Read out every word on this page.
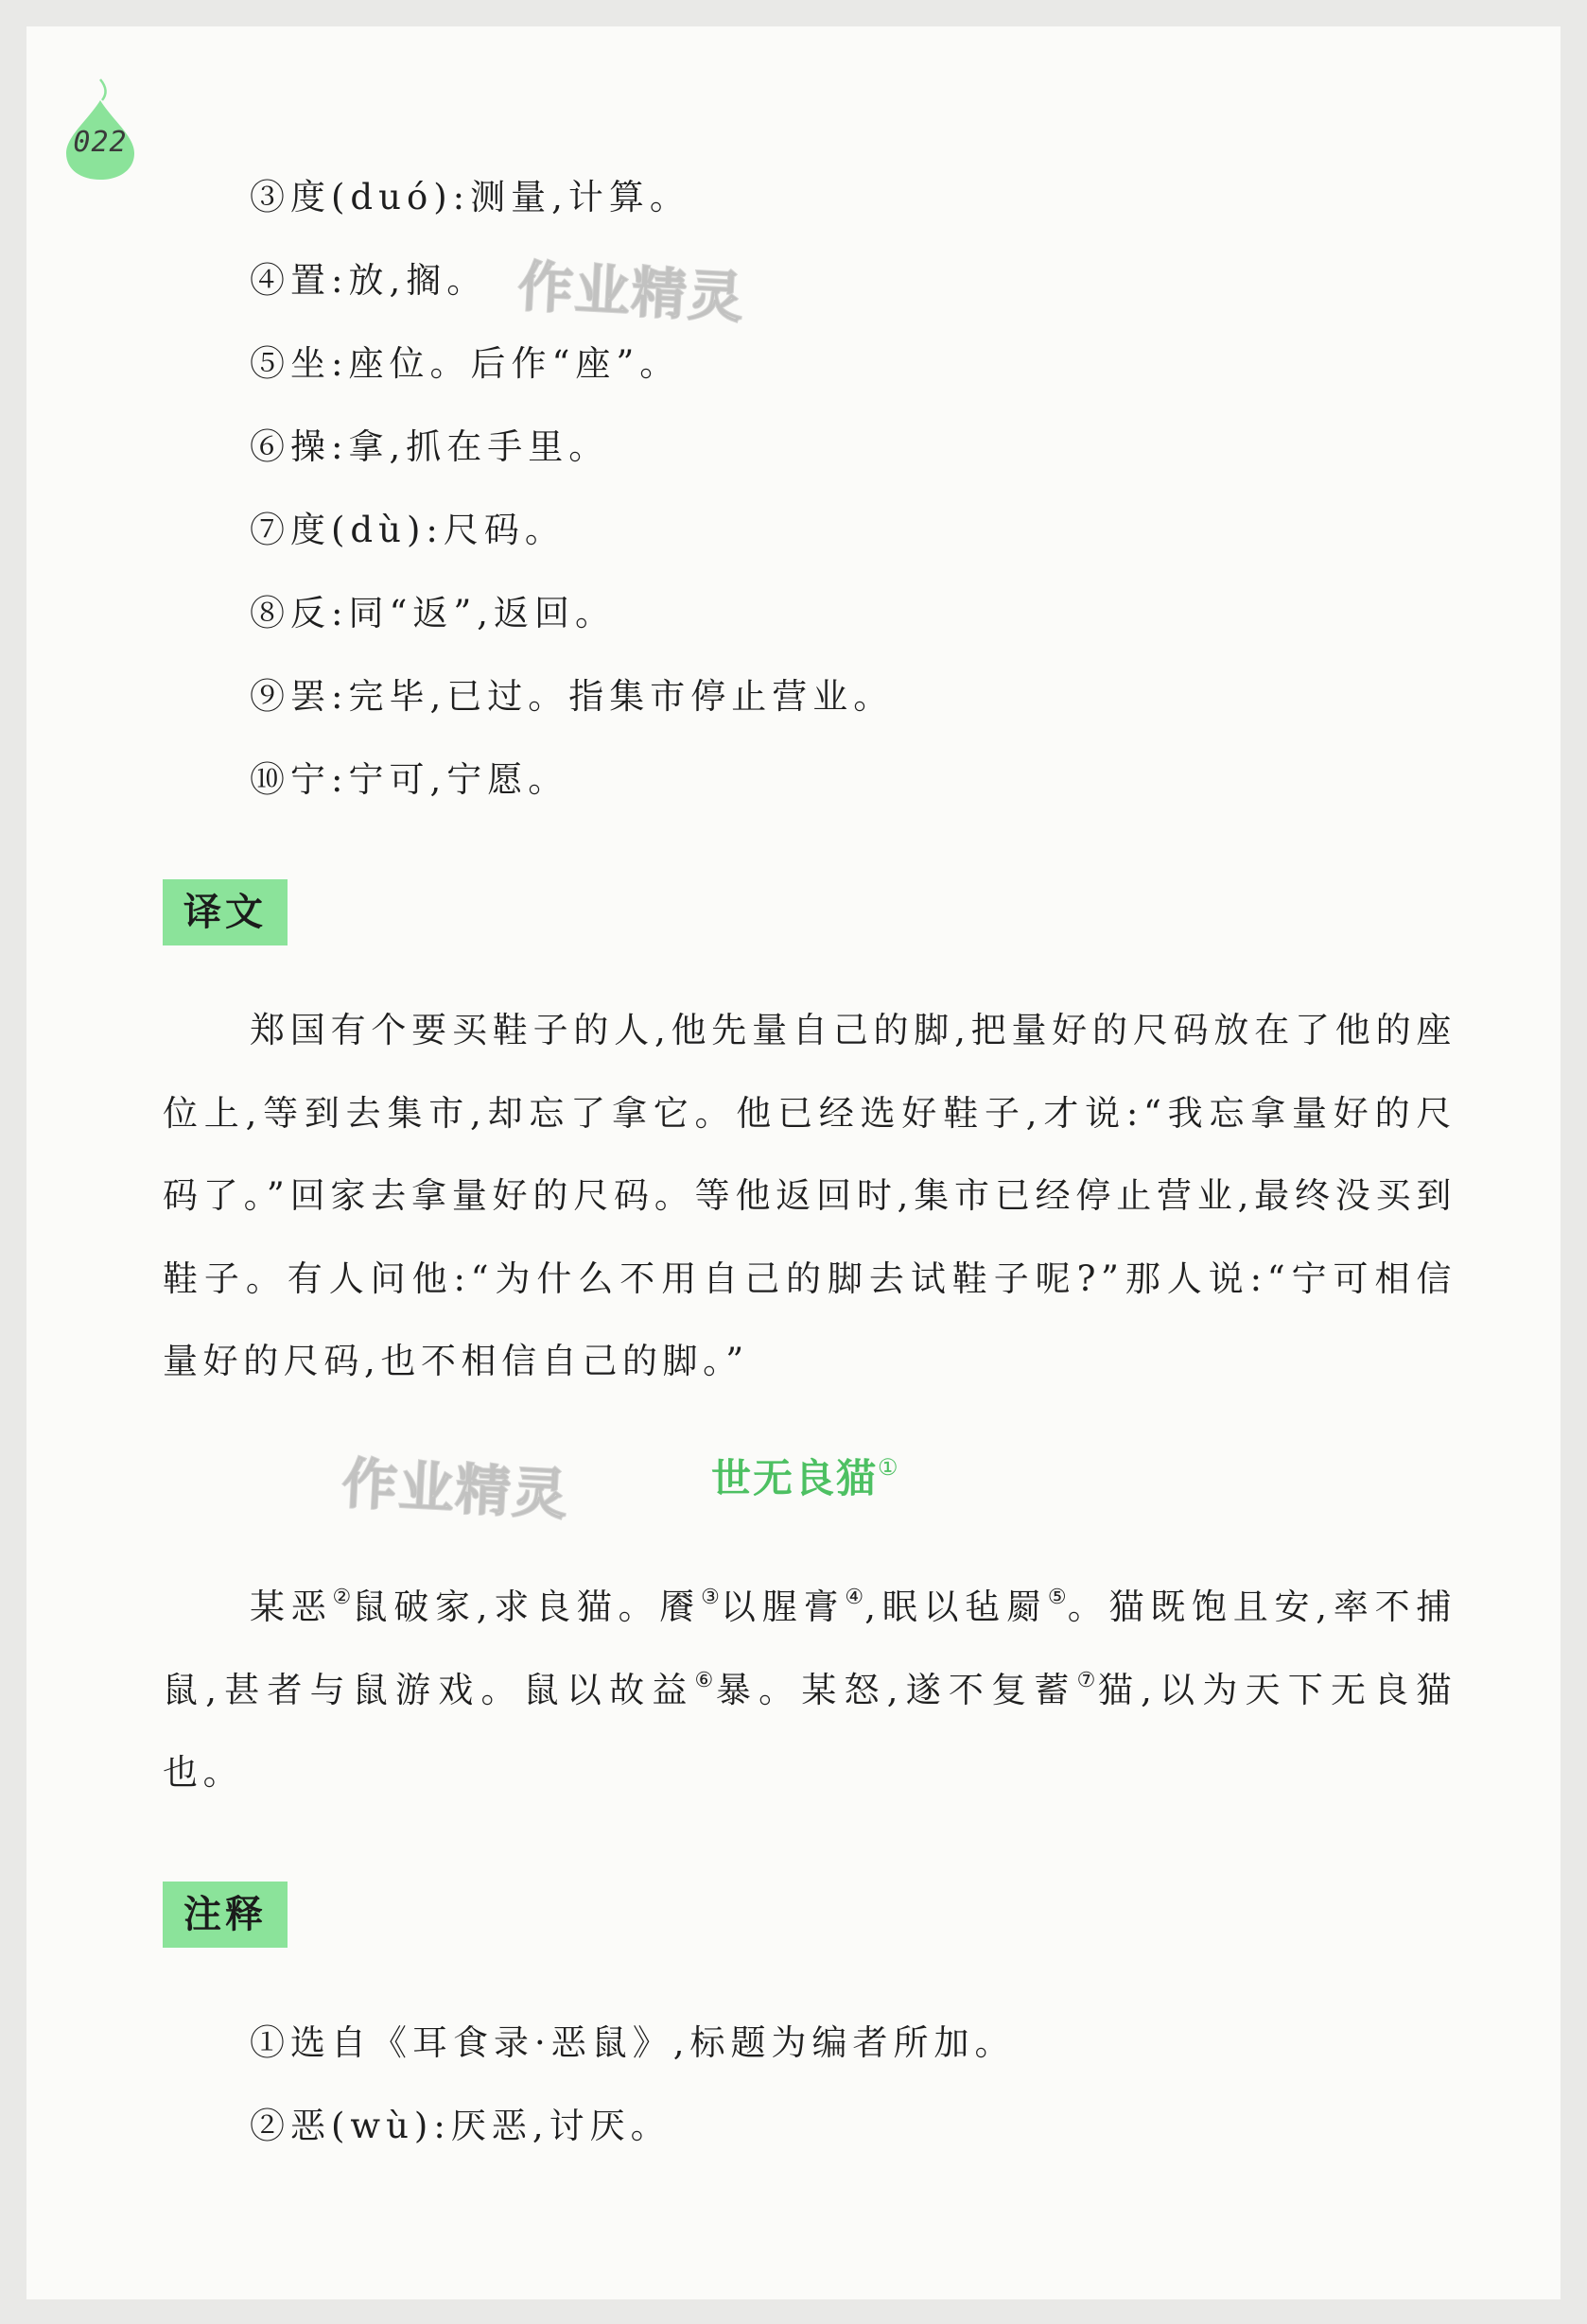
022
③度(duó):测量,计算。
④置:放,搁。
⑤坐:座位。后作“座”。
⑥操:拿,抓在手里。
⑦度(dù):尺码。
⑧反:同“返”,返回。
⑨罢:完毕,已过。指集市停止营业。
⑩宁:宁可,宁愿。
作业精灵
译文

郑国有个要买鞋子的人,他先量自己的脚,把量好的尺码放在了他的座位上,等到去集市,却忘了拿它。他已经选好鞋子,才说:“我忘拿量好的尺码了。”回家去拿量好的尺码。等他返回时,集市已经停止营业,最终没买到鞋子。有人问他:“为什么不用自己的脚去试鞋子呢?”那人说:“宁可相信量好的尺码,也不相信自己的脚。”

作业精灵	世无良猫①

某恶②鼠破家,求良猫。餍③以腥膏④,眠以毡罽⑤。猫既饱且安,率不捕鼠,甚者与鼠游戏。鼠以故益⑥暴。某怒,遂不复蓄⑦猫,以为天下无良猫也。

注释
①选自《耳食录·恶鼠》,标题为编者所加。
②恶(wù):厌恶,讨厌。
